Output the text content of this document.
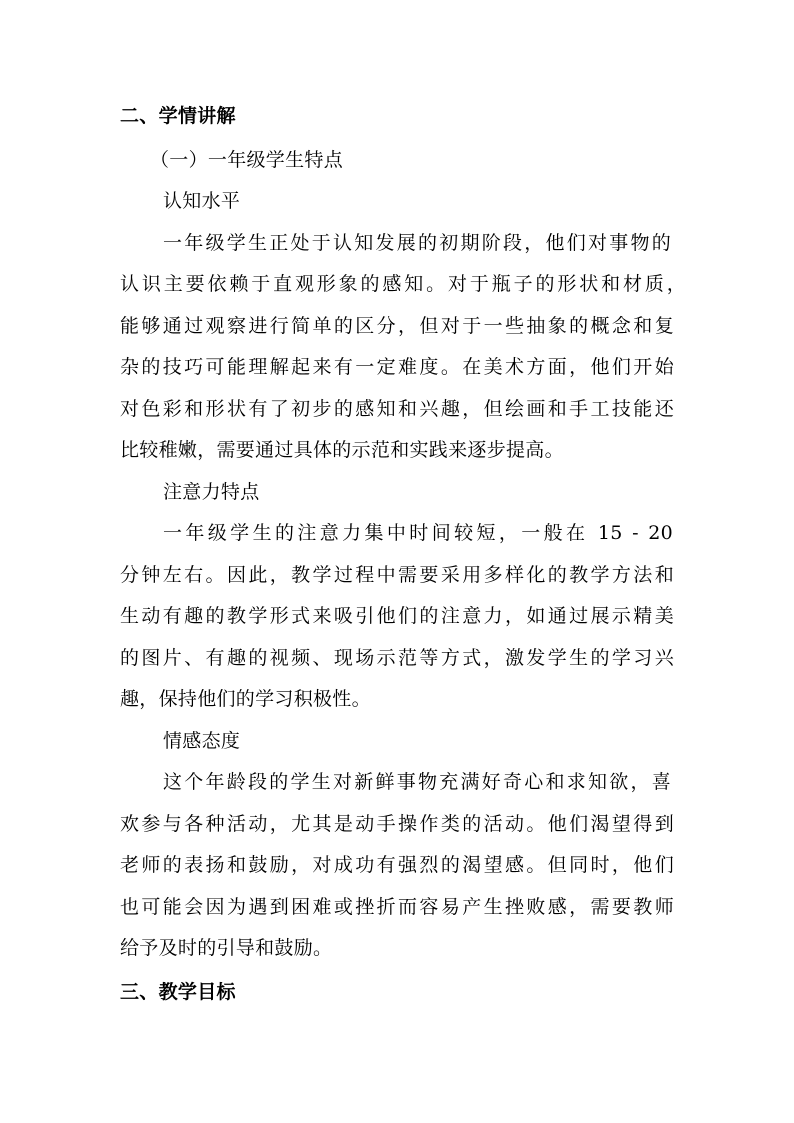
二、学情讲解
（一）一年级学生特点
认知水平
一年级学生正处于认知发展的初期阶段，他们对事物的
认识主要依赖于直观形象的感知。对于瓶子的形状和材质，
能够通过观察进行简单的区分，但对于一些抽象的概念和复
杂的技巧可能理解起来有一定难度。在美术方面，他们开始
对色彩和形状有了初步的感知和兴趣，但绘画和手工技能还
比较稚嫩，需要通过具体的示范和实践来逐步提高。
注意力特点
一年级学生的注意力集中时间较短，一般在 15 - 20
分钟左右。因此，教学过程中需要采用多样化的教学方法和
生动有趣的教学形式来吸引他们的注意力，如通过展示精美
的图片、有趣的视频、现场示范等方式，激发学生的学习兴
趣，保持他们的学习积极性。
情感态度
这个年龄段的学生对新鲜事物充满好奇心和求知欲，喜
欢参与各种活动，尤其是动手操作类的活动。他们渴望得到
老师的表扬和鼓励，对成功有强烈的渴望感。但同时，他们
也可能会因为遇到困难或挫折而容易产生挫败感，需要教师
给予及时的引导和鼓励。
三、教学目标
